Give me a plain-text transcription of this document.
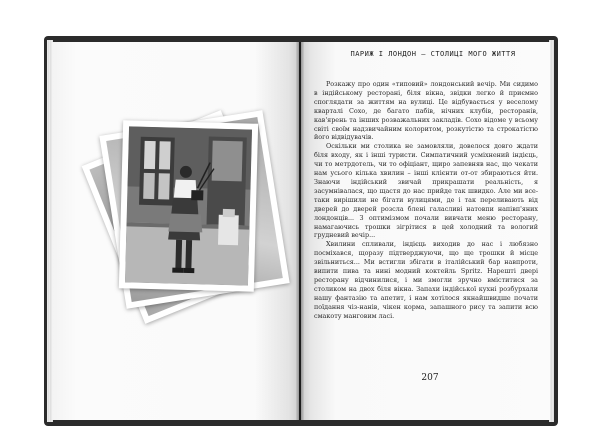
ПАРИЖ І ЛОНДОН – СТОЛИЦІ МОГО ЖИТТЯ

Розкажу про один «типовий» лондонський вечір. Ми сидимо в індійському ресторані, біля вікна, звідки легко й приємно споглядати за життям на вулиці. Це відбувається у веселому кварталі Сохо, де багато пабів, нічних клубів, ресторанів, кав'ярень та інших розважальних закладів. Сохо відоме у всьому світі своїм надзвичайним колоритом, розкутістю та строкатістю його відвідувачів.

Оскільки ми столика не замовляли, довелося довго ждати біля входу, як і інші туристи. Симпатичний усміхнений індієць, чи то метрдотель, чи то офіціант, щиро запевняв нас, що чекати нам усього кілька хвилин – інші клієнти от-от збираються йти. Знаючи індійський звичай прикрашати реальність, я засумнівалася, що щастя до нас прийде так швидко. Але ми все-таки вирішили не бігати вулицями, де і так переливають від дверей до дверей розсла бленi галасливі натовпи напівп'яних лондонців... З оптимізмом почали вивчати меню ресторану, намагаючись трошки зігрітися в цей холодний та вологий грудневий вечір...

Хвилини спливали, індієць виходив до нас і любязно посміхався, щоразу підтверджуючи, що ще трошки й місце звільниться... Ми встигли збігати в італійський бар навпроти, випити пива та нині модний коктейль Spritz. Нарешті двері ресторану відчинилися, і ми змогли зручно вміститися за столиком на двох біля вікна. Запахи індійської кухні розбурхали нашу фантазію та апетит, і нам хотілося якнайшвидше почати поїдання чіз-нанів, чікен корма, запашного рису та запити всю смакоту манговим ласі.

207
